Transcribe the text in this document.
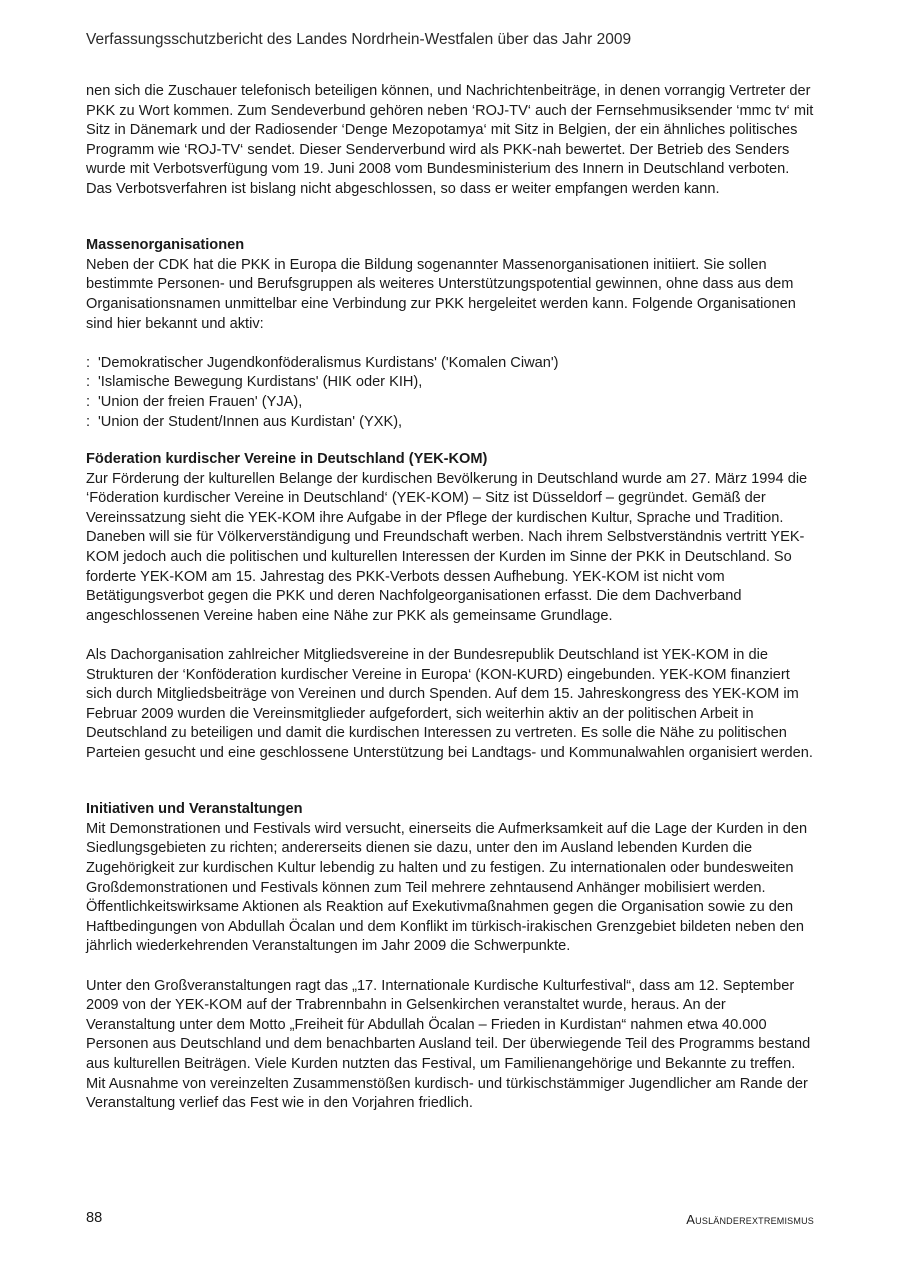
Verfassungsschutzbericht des Landes Nordrhein-Westfalen über das Jahr 2009

nen sich die Zuschauer telefonisch beteiligen können, und Nachrichtenbeiträge, in denen vorrangig Vertreter der PKK zu Wort kommen. Zum Sendeverbund gehören neben ‘ROJ-TV‘ auch der Fernsehmusiksender ‘mmc tv‘ mit Sitz in Dänemark und der Radiosender ‘Denge Mezopotamya‘ mit Sitz in Belgien, der ein ähnliches politisches Programm wie ‘ROJ-TV‘ sendet. Dieser Senderverbund wird als PKK-nah bewertet. Der Betrieb des Senders wurde mit Verbotsverfügung vom 19. Juni 2008 vom Bundesministerium des Innern in Deutschland verboten. Das Verbotsverfahren ist bislang nicht abgeschlossen, so dass er weiter empfangen werden kann.

Massenorganisationen

Neben der CDK hat die PKK in Europa die Bildung sogenannter Massenorganisationen initiiert. Sie sollen bestimmte Personen- und Berufsgruppen als weiteres Unterstützungspotential gewinnen, ohne dass aus dem Organisationsnamen unmittelbar eine Verbindung zur PKK hergeleitet werden kann. Folgende Organisationen sind hier bekannt und aktiv:

: 'Demokratischer Jugendkonföderalismus Kurdistans' ('Komalen Ciwan')
: 'Islamische Bewegung Kurdistans' (HIK oder KIH),
: 'Union der freien Frauen' (YJA),
: 'Union der Student/Innen aus Kurdistan' (YXK),

Föderation kurdischer Vereine in Deutschland (YEK-KOM)

Zur Förderung der kulturellen Belange der kurdischen Bevölkerung in Deutschland wurde am 27. März 1994 die ‘Föderation kurdischer Vereine in Deutschland‘ (YEK-KOM) – Sitz ist Düsseldorf – gegründet. Gemäß der Vereinssatzung sieht die YEK-KOM ihre Aufgabe in der Pflege der kurdischen Kultur, Sprache und Tradition. Daneben will sie für Völkerverständigung und Freundschaft werben. Nach ihrem Selbstverständnis vertritt YEK-KOM jedoch auch die politischen und kulturellen Interessen der Kurden im Sinne der PKK in Deutschland. So forderte YEK-KOM am 15. Jahrestag des PKK-Verbots dessen Aufhebung. YEK-KOM ist nicht vom Betätigungsverbot gegen die PKK und deren Nachfolgeorganisationen erfasst. Die dem Dachverband angeschlossenen Vereine haben eine Nähe zur PKK als gemeinsame Grundlage.

Als Dachorganisation zahlreicher Mitgliedsvereine in der Bundesrepublik Deutschland ist YEK-KOM in die Strukturen der ‘Konföderation kurdischer Vereine in Europa‘ (KON-KURD) eingebunden. YEK-KOM finanziert sich durch Mitgliedsbeiträge von Vereinen und durch Spenden. Auf dem 15. Jahreskongress des YEK-KOM im Februar 2009 wurden die Vereinsmitglieder aufgefordert, sich weiterhin aktiv an der politischen Arbeit in Deutschland zu beteiligen und damit die kurdischen Interessen zu vertreten. Es solle die Nähe zu politischen Parteien gesucht und eine geschlossene Unterstützung bei Landtags- und Kommunalwahlen organisiert werden.

Initiativen und Veranstaltungen

Mit Demonstrationen und Festivals wird versucht, einerseits die Aufmerksamkeit auf die Lage der Kurden in den Siedlungsgebieten zu richten; andererseits dienen sie dazu, unter den im Ausland lebenden Kurden die Zugehörigkeit zur kurdischen Kultur lebendig zu halten und zu festigen. Zu internationalen oder bundesweiten Großdemonstrationen und Festivals können zum Teil mehrere zehntausend Anhänger mobilisiert werden. Öffentlichkeitswirksame Aktionen als Reaktion auf Exekutivmaßnahmen gegen die Organisation sowie zu den Haftbedingungen von Abdullah Öcalan und dem Konflikt im türkisch-irakischen Grenzgebiet bildeten neben den jährlich wiederkehrenden Veranstaltungen im Jahr 2009 die Schwerpunkte.

Unter den Großveranstaltungen ragt das „17. Internationale Kurdische Kulturfestival“, dass am 12. September 2009 von der YEK-KOM auf der Trabrennbahn in Gelsenkirchen veranstaltet wurde, heraus. An der Veranstaltung unter dem Motto „Freiheit für Abdullah Öcalan – Frieden in Kurdistan“ nahmen etwa 40.000 Personen aus Deutschland und dem benachbarten Ausland teil. Der überwiegende Teil des Programms bestand aus kulturellen Beiträgen. Viele Kurden nutzten das Festival, um Familienangehörige und Bekannte zu treffen. Mit Ausnahme von vereinzelten Zusammenstößen kurdisch- und türkischstämmiger Jugendlicher am Rande der Veranstaltung verlief das Fest wie in den Vorjahren friedlich.

88	Ausländerextremismus
